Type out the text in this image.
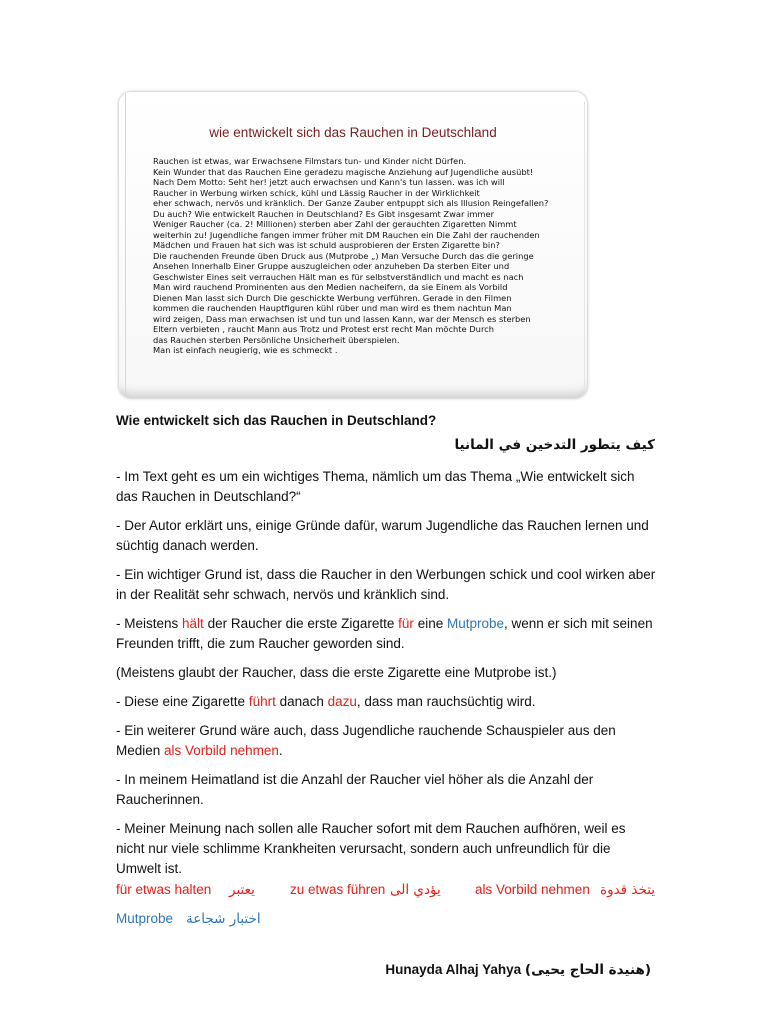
wie entwickelt sich das Rauchen in Deutschland
Rauchen ist etwas, war Erwachsene Filmstars tun- und Kinder nicht Dürfen.
Kein Wunder that das Rauchen Eine geradezu magische Anziehung auf Jugendliche ausübt!
Nach Dem Motto: Seht her! jetzt auch erwachsen und Kann's tun lassen. was ich will
Raucher in Werbung wirken schick, kühl und Lässig Raucher in der Wirklichkeit
eher schwach, nervös und kränklich. Der Ganze Zauber entpuppt sich als Illusion Reingefallen?
Du auch? Wie entwickelt Rauchen in Deutschland? Es Gibt insgesamt Zwar immer
Weniger Raucher (ca. 2! Millionen) sterben aber Zahl der gerauchten Zigaretten Nimmt
weiterhin zu! Jugendliche fangen immer früher mit DM Rauchen ein Die Zahl der rauchenden
Mädchen und Frauen hat sich was ist schuld ausprobieren der Ersten Zigarette bin?
Die rauchenden Freunde üben Druck aus (Mutprobe „) Man Versuche Durch das die geringe
Ansehen Innerhalb Einer Gruppe auszugleichen oder anzuheben Da sterben Eiter und
Geschwister Eines seit verrauchen Hält man es für selbstverständlich und macht es nach
Man wird rauchend Prominenten aus den Medien nacheifern, da sie Einem als Vorbild
Dienen Man lasst sich Durch Die geschickte Werbung verführen. Gerade in den Filmen
kommen die rauchenden Hauptfiguren kühl rüber und man wird es them nachtun Man
wird zeigen, Dass man erwachsen ist und tun und lassen Kann, war der Mensch es sterben
Eltern verbieten , raucht Mann aus Trotz und Protest erst recht Man möchte Durch
das Rauchen sterben Persönliche Unsicherheit überspielen.
Man ist einfach neugierig, wie es schmeckt .
Wie entwickelt sich das Rauchen in Deutschland?
كيف يتطور التدخين في المانيا

- Im Text geht es um ein wichtiges Thema, nämlich um das Thema „Wie entwickelt sich das Rauchen in Deutschland?“

- Der Autor erklärt uns, einige Gründe dafür, warum Jugendliche das Rauchen lernen und süchtig danach werden.

- Ein wichtiger Grund ist, dass die Raucher in den Werbungen schick und cool wirken aber in der Realität sehr schwach, nervös und kränklich sind.

- Meistens hält der Raucher die erste Zigarette für eine Mutprobe, wenn er sich mit seinen Freunden trifft, die zum Raucher geworden sind.

(Meistens glaubt der Raucher, dass die erste Zigarette eine Mutprobe ist.)

- Diese eine Zigarette führt danach dazu, dass man rauchsüchtig wird.

- Ein weiterer Grund wäre auch, dass Jugendliche rauchende Schauspieler aus den Medien als Vorbild nehmen.

- In meinem Heimatland ist die Anzahl der Raucher viel höher als die Anzahl der Raucherinnen.

- Meiner Meinung nach sollen alle Raucher sofort mit dem Rauchen aufhören, weil es nicht nur viele schlimme Krankheiten verursacht, sondern auch unfreundlich für die Umwelt ist.

für etwas halten يعتبر	zu etwas führen يؤدي الى	als Vorbild nehmen يتخذ قدوة
Mutprobe اختبار شجاعة
Hunayda Alhaj Yahya (هنيدة الحاج يحيى)
